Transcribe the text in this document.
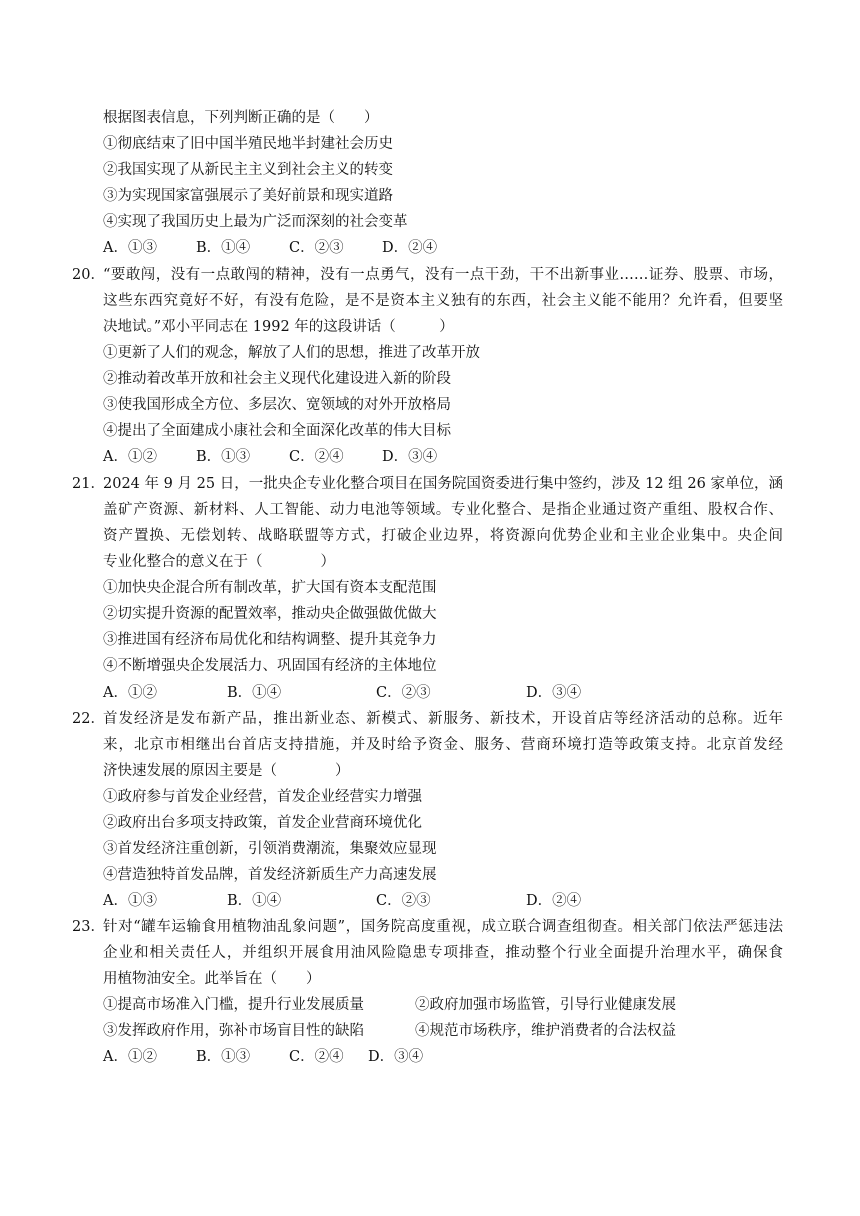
根据图表信息，下列判断正确的是（　　）
①彻底结束了旧中国半殖民地半封建社会历史
②我国实现了从新民主主义到社会主义的转变
③为实现国家富强展示了美好前景和现实道路
④实现了我国历史上最为广泛而深刻的社会变革
A．①③	B．①④	C．②③	D．②④
20．
“要敢闯，没有一点敢闯的精神，没有一点勇气，没有一点干劲，干不出新事业……证券、股票、市场，
这些东西究竟好不好，有没有危险，是不是资本主义独有的东西，社会主义能不能用？允许看，但要坚
决地试。”邓小平同志在 1992 年的这段讲话（　　　）
①更新了人们的观念，解放了人们的思想，推进了改革开放
②推动着改革开放和社会主义现代化建设进入新的阶段
③使我国形成全方位、多层次、宽领域的对外开放格局
④提出了全面建成小康社会和全面深化改革的伟大目标
A．①②	B．①③	C．②④	D．③④
21．
2024 年 9 月 25 日，一批央企专业化整合项目在国务院国资委进行集中签约，涉及 12 组 26 家单位，涵
盖矿产资源、新材料、人工智能、动力电池等领域。专业化整合、是指企业通过资产重组、股权合作、
资产置换、无偿划转、战略联盟等方式，打破企业边界，将资源向优势企业和主业企业集中。央企间
专业化整合的意义在于（　　　　）
①加快央企混合所有制改革，扩大国有资本支配范围
②切实提升资源的配置效率，推动央企做强做优做大
③推进国有经济布局优化和结构调整、提升其竞争力
④不断增强央企发展活力、巩固国有经济的主体地位
A．①②	B．①④	C．②③	D．③④
22．
首发经济是发布新产品，推出新业态、新模式、新服务、新技术，开设首店等经济活动的总称。近年
来，北京市相继出台首店支持措施，并及时给予资金、服务、营商环境打造等政策支持。北京首发经
济快速发展的原因主要是（　　　　）
①政府参与首发企业经营，首发企业经营实力增强
②政府出台多项支持政策，首发企业营商环境优化
③首发经济注重创新，引领消费潮流，集聚效应显现
④营造独特首发品牌，首发经济新质生产力高速发展
A．①③	B．①④	C．②③	D．②④
23．
针对“罐车运输食用植物油乱象问题”，国务院高度重视，成立联合调查组彻查。相关部门依法严惩违法
企业和相关责任人，并组织开展食用油风险隐患专项排查，推动整个行业全面提升治理水平，确保食
用植物油安全。此举旨在（　　）
①提高市场准入门槛，提升行业发展质量	②政府加强市场监管，引导行业健康发展
③发挥政府作用，弥补市场盲目性的缺陷	④规范市场秩序，维护消费者的合法权益
A．①②	B．①③	C．②④ D．③④
